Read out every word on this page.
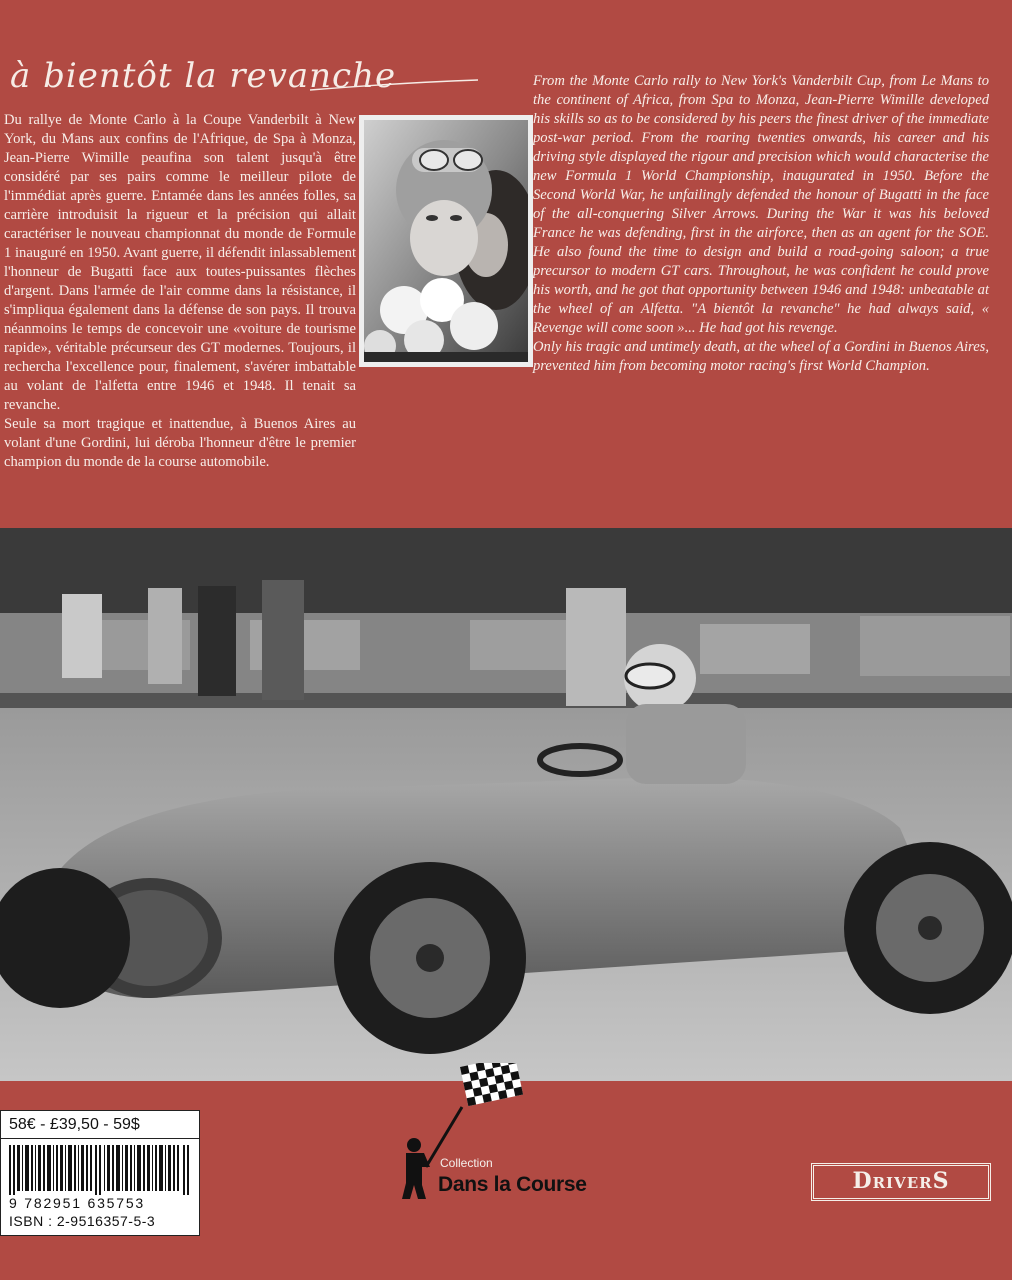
à bientôt la revanche

Du rallye de Monte Carlo à la Coupe Vanderbilt à New York, du Mans aux confins de l'Afrique, de Spa à Monza, Jean-Pierre Wimille peaufina son talent jusqu'à être considéré par ses pairs comme le meilleur pilote de l'immédiat après guerre. Entamée dans les années folles, sa carrière introduisit la rigueur et la précision qui allait caractériser le nouveau championnat du monde de Formule 1 inauguré en 1950. Avant guerre, il défendit inlassablement l'honneur de Bugatti face aux toutes-puissantes flèches d'argent. Dans l'armée de l'air comme dans la résistance, il s'impliqua également dans la défense de son pays. Il trouva néanmoins le temps de concevoir une «voiture de tourisme rapide», véritable précurseur des GT modernes. Toujours, il rechercha l'excellence pour, finalement, s'avérer imbattable au volant de l'alfetta entre 1946 et 1948. Il tenait sa revanche.

Seule sa mort tragique et inattendue, à Buenos Aires au volant d'une Gordini, lui déroba l'honneur d'être le premier champion du monde de la course automobile.

From the Monte Carlo rally to New York's Vanderbilt Cup, from Le Mans to the continent of Africa, from Spa to Monza, Jean-Pierre Wimille developed his skills so as to be considered by his peers the finest driver of the immediate post-war period. From the roaring twenties onwards, his career and his driving style displayed the rigour and precision which would characterise the new Formula 1 World Championship, inaugurated in 1950. Before the Second World War, he unfailingly defended the honour of Bugatti in the face of the all-conquering Silver Arrows. During the War it was his beloved France he was defending, first in the airforce, then as an agent for the SOE. He also found the time to design and build a road-going saloon; a true precursor to modern GT cars. Throughout, he was confident he could prove his worth, and he got that opportunity between 1946 and 1948: unbeatable at the wheel of an Alfetta. "A bientôt la revanche" he had always said, « Revenge will come soon »... He had got his revenge.

Only his tragic and untimely death, at the wheel of a Gordini in Buenos Aires, prevented him from becoming motor racing's first World Champion.

Collection
Dans la Course	DriverS
58€ - £39,50 - 59$
9 782951 635753
ISBN : 2-9516357-5-3
